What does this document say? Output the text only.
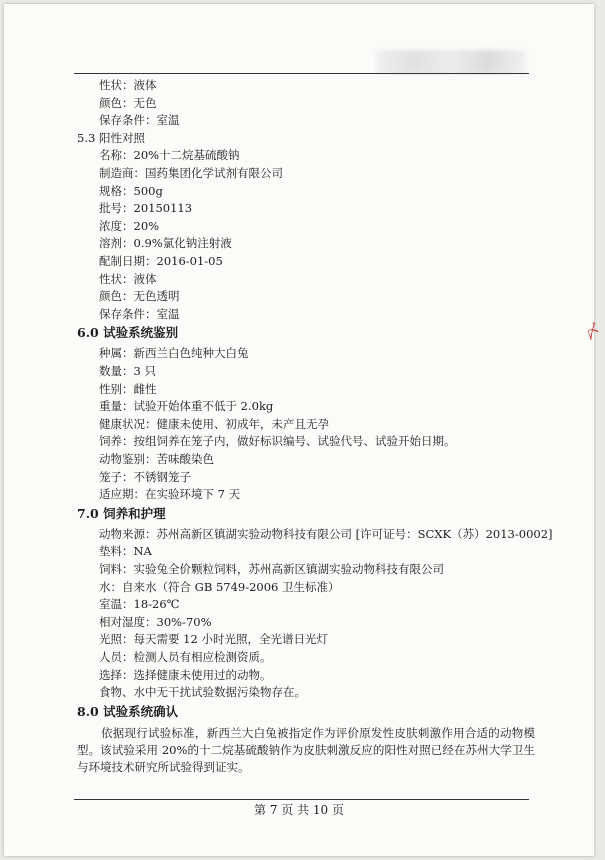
性状：液体
颜色：无色
保存条件：室温
5.3 阳性对照
名称：20%十二烷基硫酸钠
制造商：国药集团化学试剂有限公司
规格：500g
批号：20150113
浓度：20%
溶剂：0.9%氯化钠注射液
配制日期：2016-01-05
性状：液体
颜色：无色透明
保存条件：室温
6.0 试验系统鉴别
种属：新西兰白色纯种大白兔
数量：3 只
性别：雌性
重量：试验开始体重不低于 2.0kg
健康状况：健康未使用、初成年，未产且无孕
饲养：按组饲养在笼子内，做好标识编号、试验代号、试验开始日期。
动物鉴别：苦味酸染色
笼子：不锈钢笼子
适应期：在实验环境下 7 天
7.0 饲养和护理
动物来源：苏州高新区镇湖实验动物科技有限公司 [许可证号：SCXK（苏）2013-0002]
垫料：NA
饲料：实验兔全价颗粒饲料，苏州高新区镇湖实验动物科技有限公司
水：自来水（符合 GB 5749-2006 卫生标准）
室温：18-26℃
相对湿度：30%-70%
光照：每天需要 12 小时光照，全光谱日光灯
人员：检测人员有相应检测资质。
选择：选择健康未使用过的动物。
食物、水中无干扰试验数据污染物存在。
8.0 试验系统确认
第 7 页 共 10 页
〆
依据现行试验标准，新西兰大白兔被指定作为评价原发性皮肤刺激作用合适的动物模型。该试验采用 20%的十二烷基硫酸钠作为皮肤刺激反应的阳性对照已经在苏州大学卫生与环境技术研究所试验得到证实。
